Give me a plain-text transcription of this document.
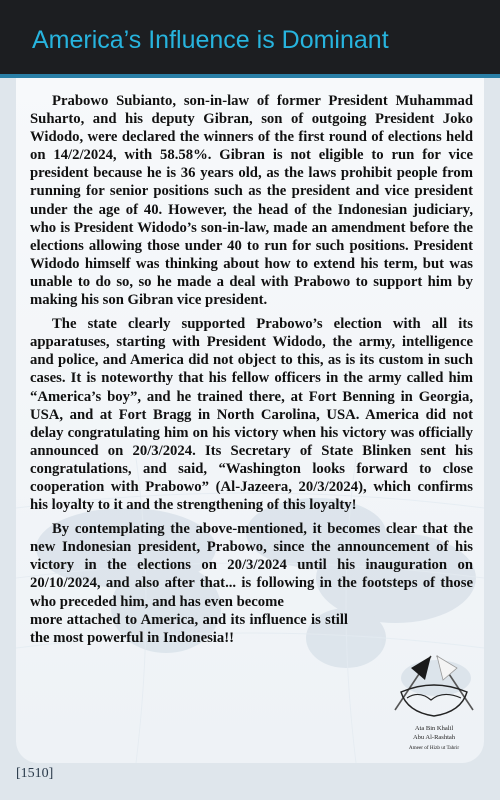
America’s Influence is Dominant

Prabowo Subianto, son-in-law of former President Muhammad Suharto, and his deputy Gibran, son of outgoing President Joko Widodo, were declared the winners of the first round of elections held on 14/2/2024, with 58.58%. Gibran is not eligible to run for vice president because he is 36 years old, as the laws prohibit people from running for senior positions such as the president and vice president under the age of 40. However, the head of the Indonesian judiciary, who is President Widodo’s son-in-law, made an amendment before the elections allowing those under 40 to run for such positions. President Widodo himself was thinking about how to extend his term, but was unable to do so, so he made a deal with Prabowo to support him by making his son Gibran vice president.

The state clearly supported Prabowo’s election with all its apparatuses, starting with President Widodo, the army, intelligence and police, and America did not object to this, as is its custom in such cases. It is noteworthy that his fellow officers in the army called him “America’s boy”, and he trained there, at Fort Benning in Georgia, USA, and at Fort Bragg in North Carolina, USA. America did not delay congratulating him on his victory when his victory was officially announced on 20/3/2024. Its Secretary of State Blinken sent his congratulations, and said, “Washington looks forward to close cooperation with Prabowo” (Al-Jazeera, 20/3/2024), which confirms his loyalty to it and the strengthening of this loyalty!

By contemplating the above-mentioned, it becomes clear that the new Indonesian president, Prabowo, since the announcement of his victory in the elections on 20/3/2024 until his inauguration on 20/10/2024, and also after that... is following in the footsteps of those who preceded him, and has even become

more attached to America, and its influence is still the most powerful in Indonesia!!

Ata Bin Khalil
Abu Al-Rashtah
Ameer of Hizb ut Tahrir
[1510]
